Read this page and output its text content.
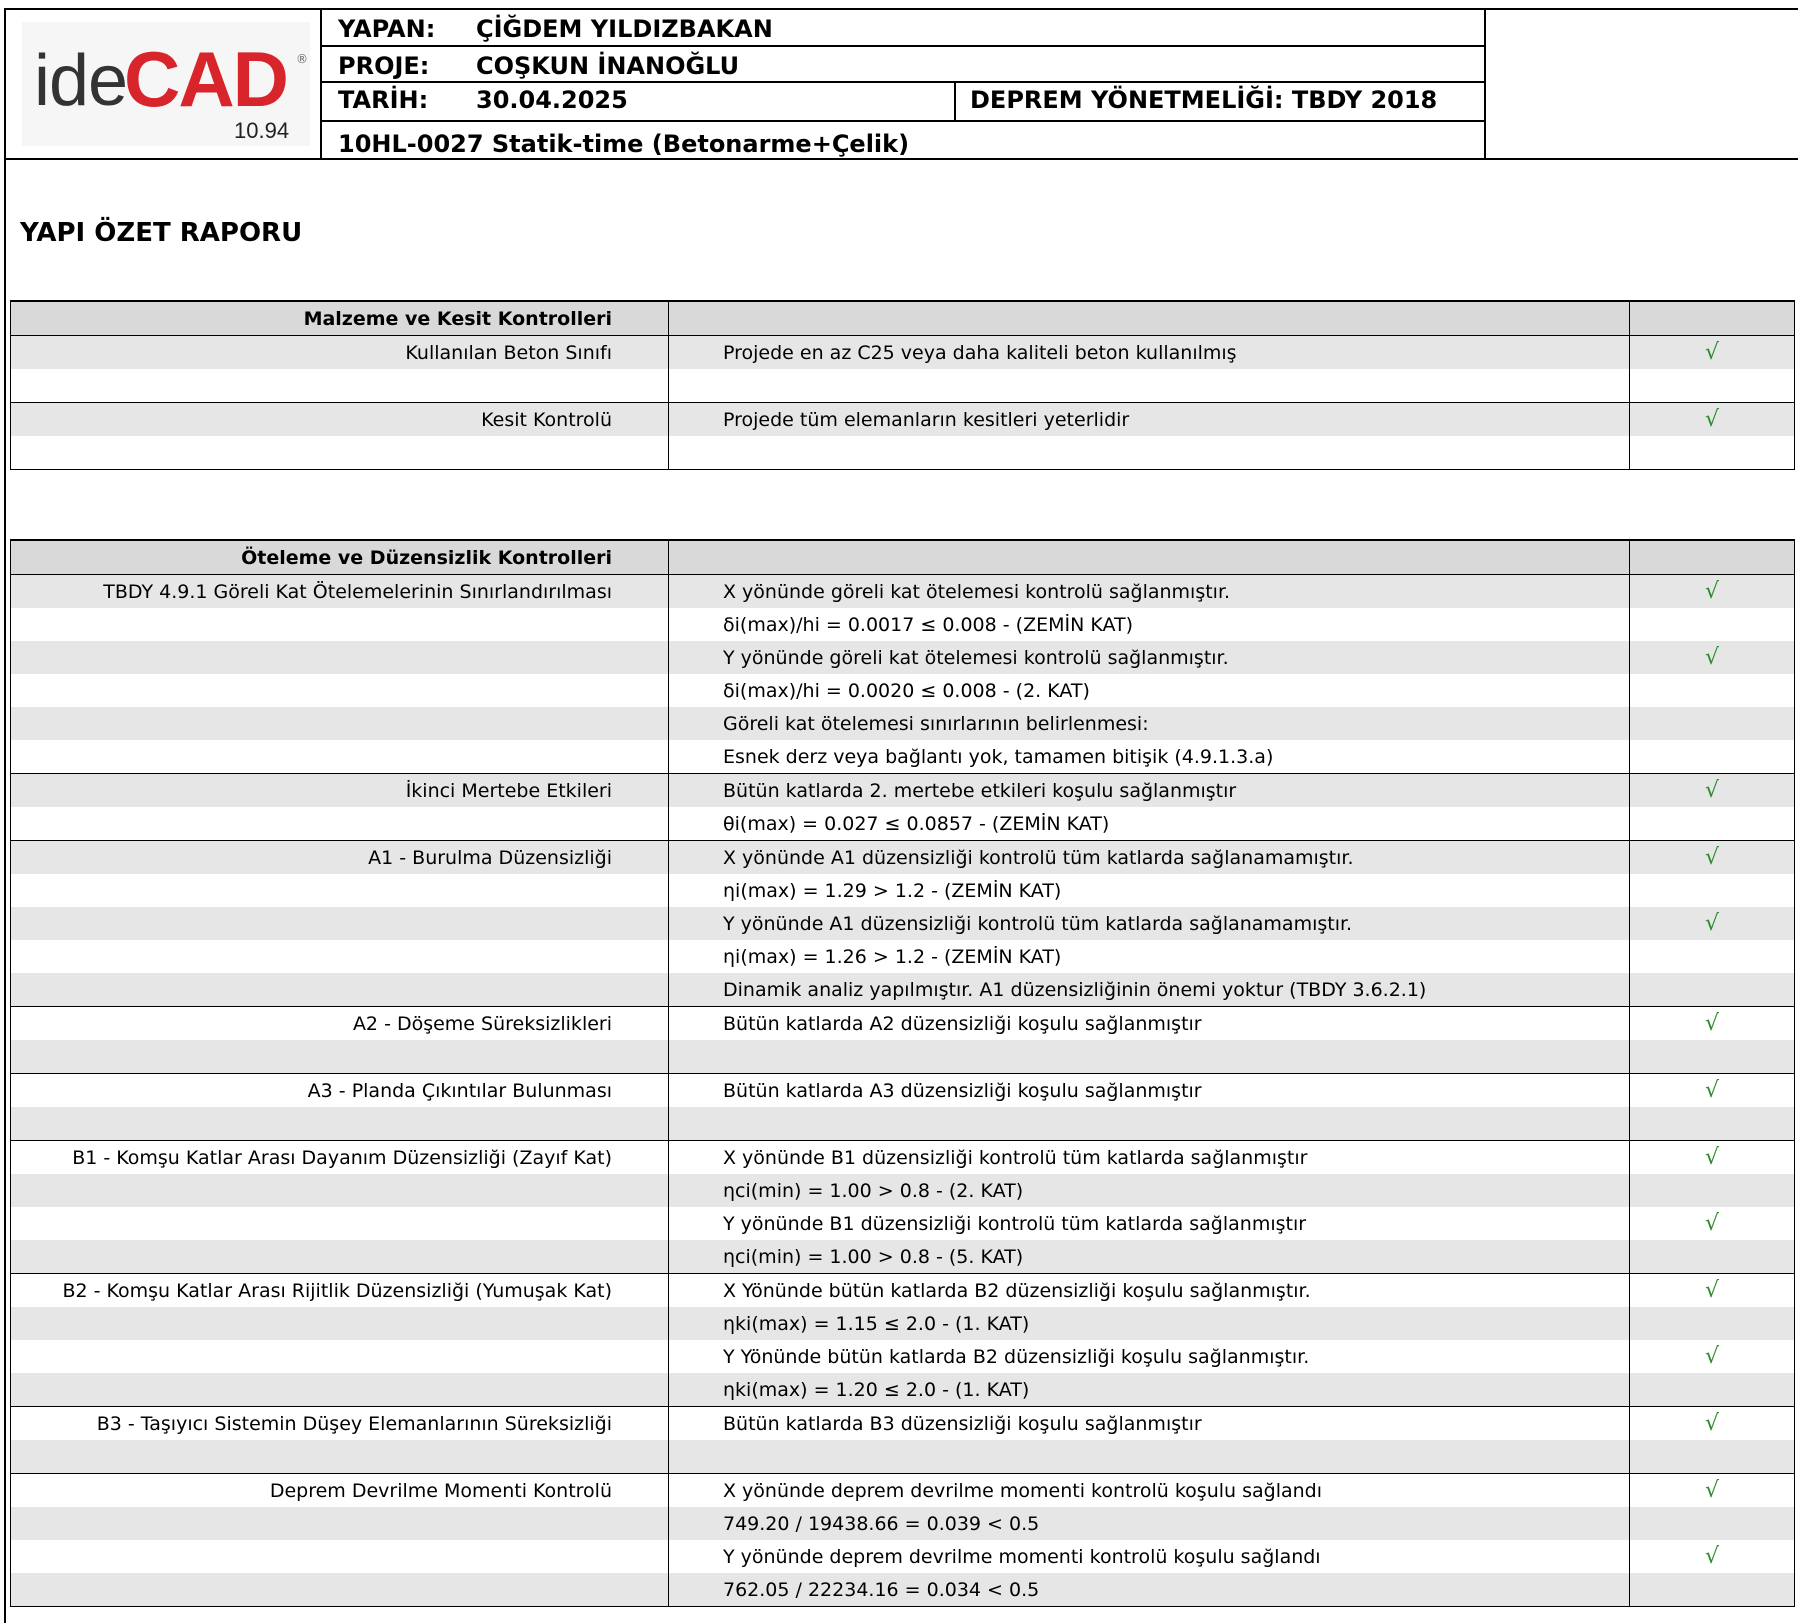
ide
CAD ®
10.94
YAPAN: ÇİĞDEM YILDIZBAKAN
PROJE: COŞKUN İNANOĞLU
TARİH: 30.04.2025	DEPREM YÖNETMELİĞİ: TBDY 2018
10HL-0027 Statik-time (Betonarme+Çelik)
YAPI ÖZET RAPORU
Malzeme ve Kesit Kontrolleri		
Kullanılan Beton Sınıfı	Projede en az C25 veya daha kaliteli beton kullanılmış	√

Kesit Kontrolü	Projede tüm elemanların kesitleri yeterlidir	√

Öteleme ve Düzensizlik Kontrolleri		
TBDY 4.9.1 Göreli Kat Ötelemelerinin Sınırlandırılması	X yönünde göreli kat ötelemesi kontrolü sağlanmıştır.	√
	δi(max)/hi = 0.0017 ≤ 0.008 - (ZEMİN KAT)	
	Y yönünde göreli kat ötelemesi kontrolü sağlanmıştır.	√
	δi(max)/hi = 0.0020 ≤ 0.008 - (2. KAT)	
	Göreli kat ötelemesi sınırlarının belirlenmesi:	
	Esnek derz veya bağlantı yok, tamamen bitişik (4.9.1.3.a)	
İkinci Mertebe Etkileri	Bütün katlarda 2. mertebe etkileri koşulu sağlanmıştır	√
	θi(max) = 0.027 ≤ 0.0857 - (ZEMİN KAT)	
A1 - Burulma Düzensizliği	X yönünde A1 düzensizliği kontrolü tüm katlarda sağlanamamıştır.	√
	ηi(max) = 1.29 > 1.2 - (ZEMİN KAT)	
	Y yönünde A1 düzensizliği kontrolü tüm katlarda sağlanamamıştır.	√
	ηi(max) = 1.26 > 1.2 - (ZEMİN KAT)	
	Dinamik analiz yapılmıştır. A1 düzensizliğinin önemi yoktur (TBDY 3.6.2.1)	
A2 - Döşeme Süreksizlikleri	Bütün katlarda A2 düzensizliği koşulu sağlanmıştır	√

A3 - Planda Çıkıntılar Bulunması	Bütün katlarda A3 düzensizliği koşulu sağlanmıştır	√

B1 - Komşu Katlar Arası Dayanım Düzensizliği (Zayıf Kat)	X yönünde B1 düzensizliği kontrolü tüm katlarda sağlanmıştır	√
	ηci(min) = 1.00 > 0.8 - (2. KAT)	
	Y yönünde B1 düzensizliği kontrolü tüm katlarda sağlanmıştır	√
	ηci(min) = 1.00 > 0.8 - (5. KAT)	
B2 - Komşu Katlar Arası Rijitlik Düzensizliği (Yumuşak Kat)	X Yönünde bütün katlarda B2 düzensizliği koşulu sağlanmıştır.	√
	ηki(max) = 1.15 ≤ 2.0 - (1. KAT)	
	Y Yönünde bütün katlarda B2 düzensizliği koşulu sağlanmıştır.	√
	ηki(max) = 1.20 ≤ 2.0 - (1. KAT)	
B3 - Taşıyıcı Sistemin Düşey Elemanlarının Süreksizliği	Bütün katlarda B3 düzensizliği koşulu sağlanmıştır	√

Deprem Devrilme Momenti Kontrolü	X yönünde deprem devrilme momenti kontrolü koşulu sağlandı	√
	749.20 / 19438.66 = 0.039 < 0.5	
	Y yönünde deprem devrilme momenti kontrolü koşulu sağlandı	√
	762.05 / 22234.16 = 0.034 < 0.5	
